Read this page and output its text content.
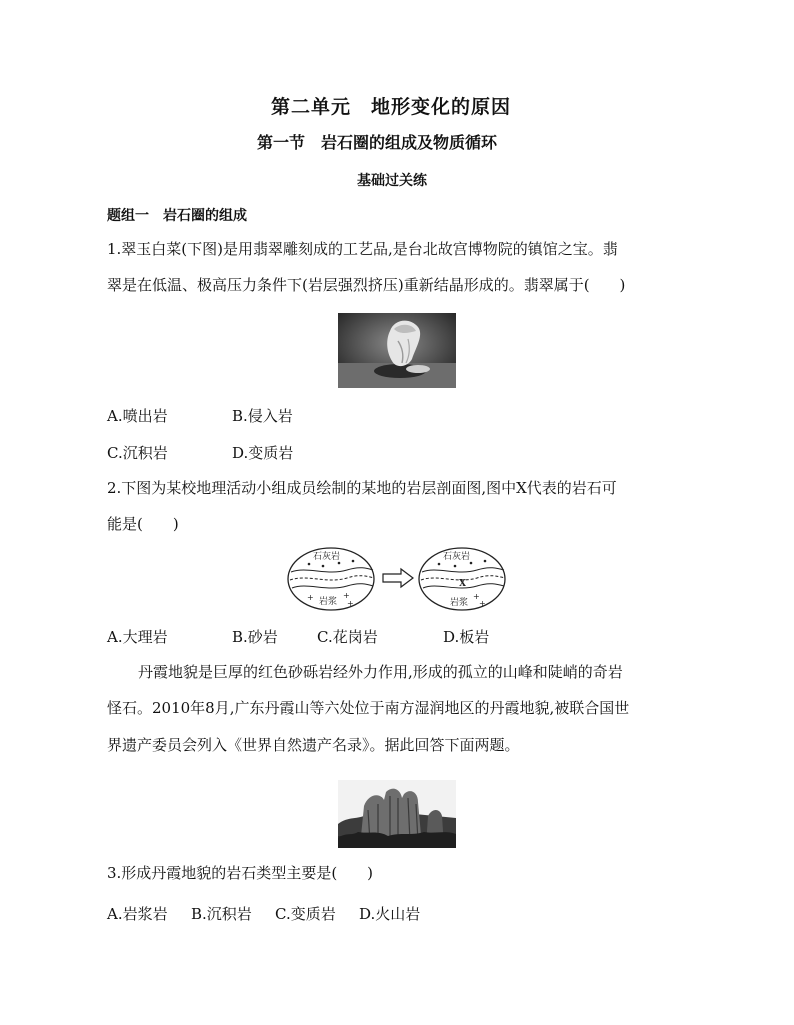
第二单元　地形变化的原因
第一节　岩石圈的组成及物质循环
基础过关练
题组一　岩石圈的组成
1.翠玉白菜(下图)是用翡翠雕刻成的工艺品,是台北故宫博物院的镇馆之宝。翡
翠是在低温、极高压力条件下(岩层强烈挤压)重新结晶形成的。翡翠属于(　　)
A.喷出岩	B.侵入岩
C.沉积岩	D.变质岩
2.下图为某校地理活动小组成员绘制的某地的岩层剖面图,图中X代表的岩石可
能是(　　)
石灰岩
岩浆
+
+
+
石灰岩
X
岩浆
+
+
A.大理岩	B.砂岩	C.花岗岩	D.板岩
丹霞地貌是巨厚的红色砂砾岩经外力作用,形成的孤立的山峰和陡峭的奇岩
怪石。2010年8月,广东丹霞山等六处位于南方湿润地区的丹霞地貌,被联合国世
界遗产委员会列入《世界自然遗产名录》。据此回答下面两题。
3.形成丹霞地貌的岩石类型主要是(　　)
A.岩浆岩 B.沉积岩 C.变质岩 D.火山岩
